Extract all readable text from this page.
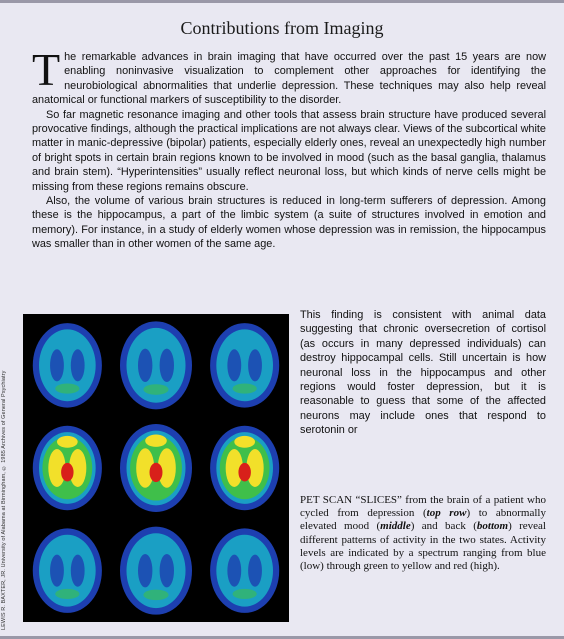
LEWIS R. BAXTER, JR. University of Alabama at Birmingham, © 1985 Archives of General Psychiatry
Contributions from Imaging

The remarkable advances in brain imaging that have occurred over the past 15 years are now enabling noninvasive visualization to complement other approaches for identifying the neurobiological abnormalities that underlie depression. These techniques may also help reveal anatomical or functional markers of susceptibility to the disorder.

So far magnetic resonance imaging and other tools that assess brain structure have produced several provocative findings, although the practical implications are not always clear. Views of the subcortical white matter in manic-depressive (bipolar) patients, especially elderly ones, reveal an unexpectedly high number of bright spots in certain brain regions known to be involved in mood (such as the basal ganglia, thalamus and brain stem). “Hyperintensities” usually reflect neuronal loss, but which kinds of nerve cells might be missing from these regions remains obscure.

Also, the volume of various brain structures is reduced in long-term sufferers of depression. Among these is the hippocampus, a part of the limbic system (a suite of structures involved in emotion and memory). For instance, in a study of elderly women whose depression was in remission, the hippocampus was smaller than in other women of the same age.

This finding is consistent with animal data suggesting that chronic oversecretion of cortisol (as occurs in many depressed individuals) can destroy hippocampal cells. Still uncertain is how neuronal loss in the hippocampus and other regions would foster depression, but it is reasonable to guess that some of the affected neurons may include ones that respond to serotonin or

PET SCAN “SLICES” from the brain of a patient who cycled from depression (top row) to abnormally elevated mood (middle) and back (bottom) reveal different patterns of activity in the two states. Activity levels are indicated by a spectrum ranging from blue (low) through green to yellow and red (high).
